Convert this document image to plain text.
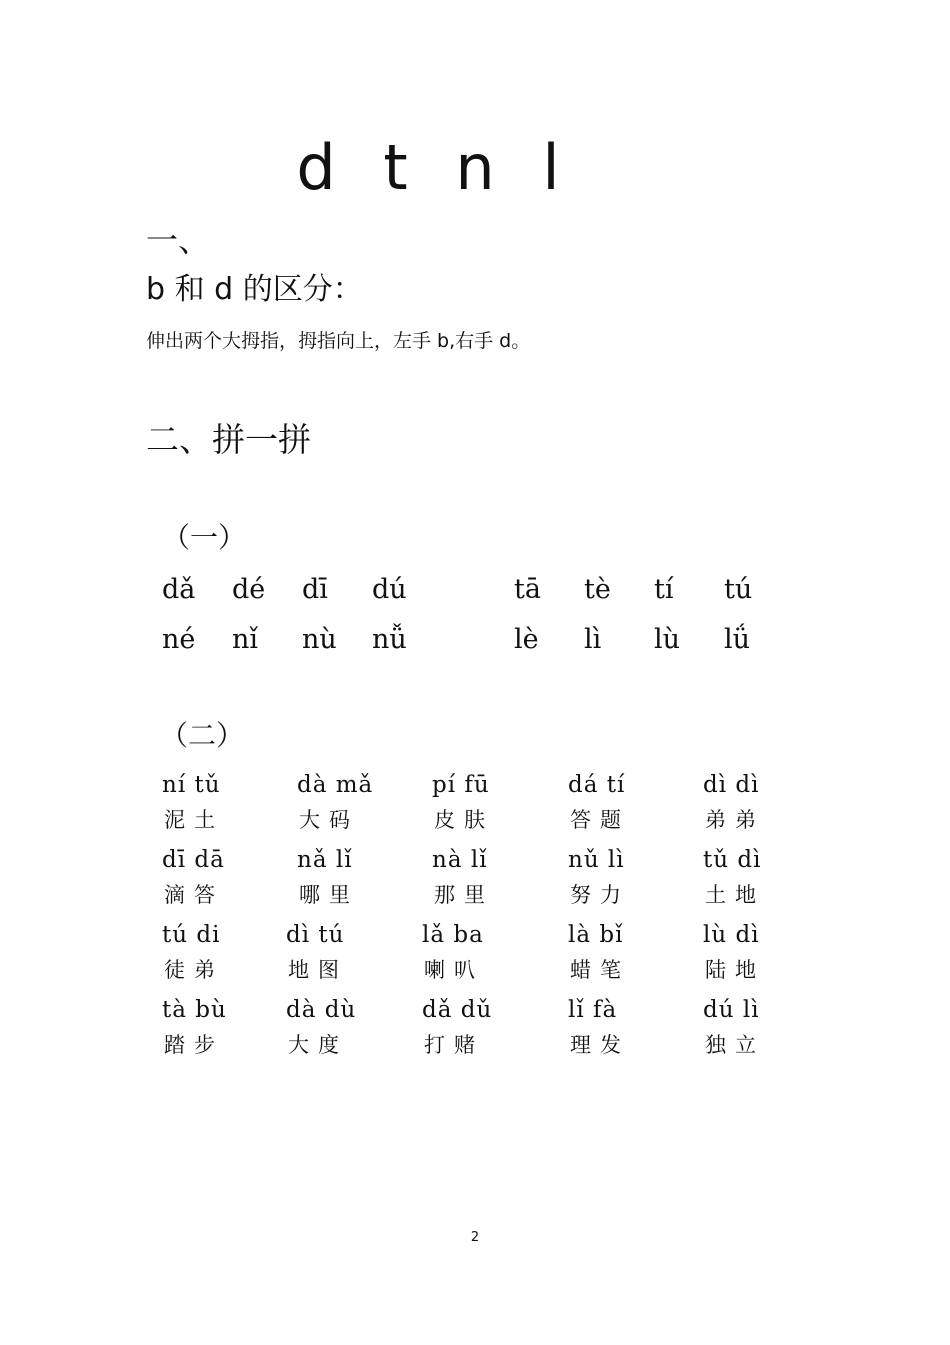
d t n l
一、
b 和 d 的区分：
伸出两个大拇指，拇指向上，左手 b,右手 d。
二、拼一拼
（一）
dǎ dé dī dú	tā tè tí tú
né nǐ nù nǚ	lè lì lù lǘ
（二）
ní tǔ
泥土
dà mǎ
大码
pí fū
皮肤
dá tí
答题
dì dì
弟弟
dī dā
滴答
nǎ lǐ
哪里
nà lǐ
那里
nǔ lì
努力
tǔ dì
土地
tú di
徒弟
dì tú
地图
lǎ ba
喇叭
là bǐ
蜡笔
lù dì
陆地
tà bù
踏步
dà dù
大度
dǎ dǔ
打赌
lǐ fà
理发
dú lì
独立
2
